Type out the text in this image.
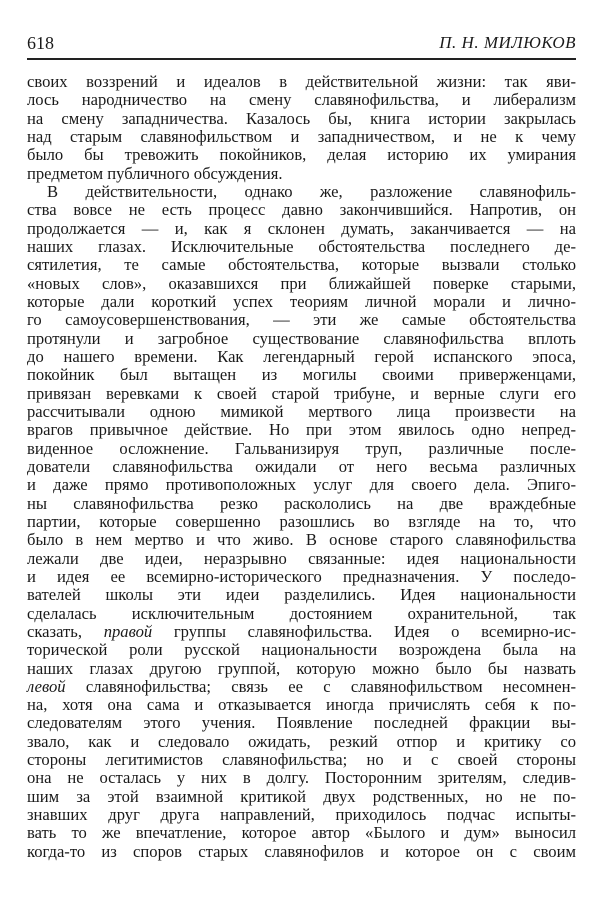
618	П. Н. МИЛЮКОВ
своих воззрений и идеалов в действительной жизни: так яви-
лось народничество на смену славянофильства, и либерализм
на смену западничества. Казалось бы, книга истории закрылась
над старым славянофильством и западничеством, и не к чему
было бы тревожить покойников, делая историю их умирания
предметом публичного обсуждения.
В действительности, однако же, разложение славянофиль-
ства вовсе не есть процесс давно закончившийся. Напротив, он
продолжается — и, как я склонен думать, заканчивается — на
наших глазах. Исключительные обстоятельства последнего де-
сятилетия, те самые обстоятельства, которые вызвали столько
«новых слов», оказавшихся при ближайшей поверке старыми,
которые дали короткий успех теориям личной морали и лично-
го самоусовершенствования, — эти же самые обстоятельства
протянули и загробное существование славянофильства вплоть
до нашего времени. Как легендарный герой испанского эпоса,
покойник был вытащен из могилы своими приверженцами,
привязан веревками к своей старой трибуне, и верные слуги его
рассчитывали одною мимикой мертвого лица произвести на
врагов привычное действие. Но при этом явилось одно непред-
виденное осложнение. Гальванизируя труп, различные после-
дователи славянофильства ожидали от него весьма различных
и даже прямо противоположных услуг для своего дела. Эпиго-
ны славянофильства резко раскололись на две враждебные
партии, которые совершенно разошлись во взгляде на то, что
было в нем мертво и что живо. В основе старого славянофильства
лежали две идеи, неразрывно связанные: идея национальности
и идея ее всемирно-исторического предназначения. У последо-
вателей школы эти идеи разделились. Идея национальности
сделалась исключительным достоянием охранительной, так
сказать, правой группы славянофильства. Идея о всемирно-ис-
торической роли русской национальности возрождена была на
наших глазах другою группой, которую можно было бы назвать
левой славянофильства; связь ее с славянофильством несомнен-
на, хотя она сама и отказывается иногда причислять себя к по-
следователям этого учения. Появление последней фракции вы-
звало, как и следовало ожидать, резкий отпор и критику со
стороны легитимистов славянофильства; но и с своей стороны
она не осталась у них в долгу. Посторонним зрителям, следив-
шим за этой взаимной критикой двух родственных, но не по-
знавших друг друга направлений, приходилось подчас испыты-
вать то же впечатление, которое автор «Былого и дум» выносил
когда-то из споров старых славянофилов и которое он с своим
